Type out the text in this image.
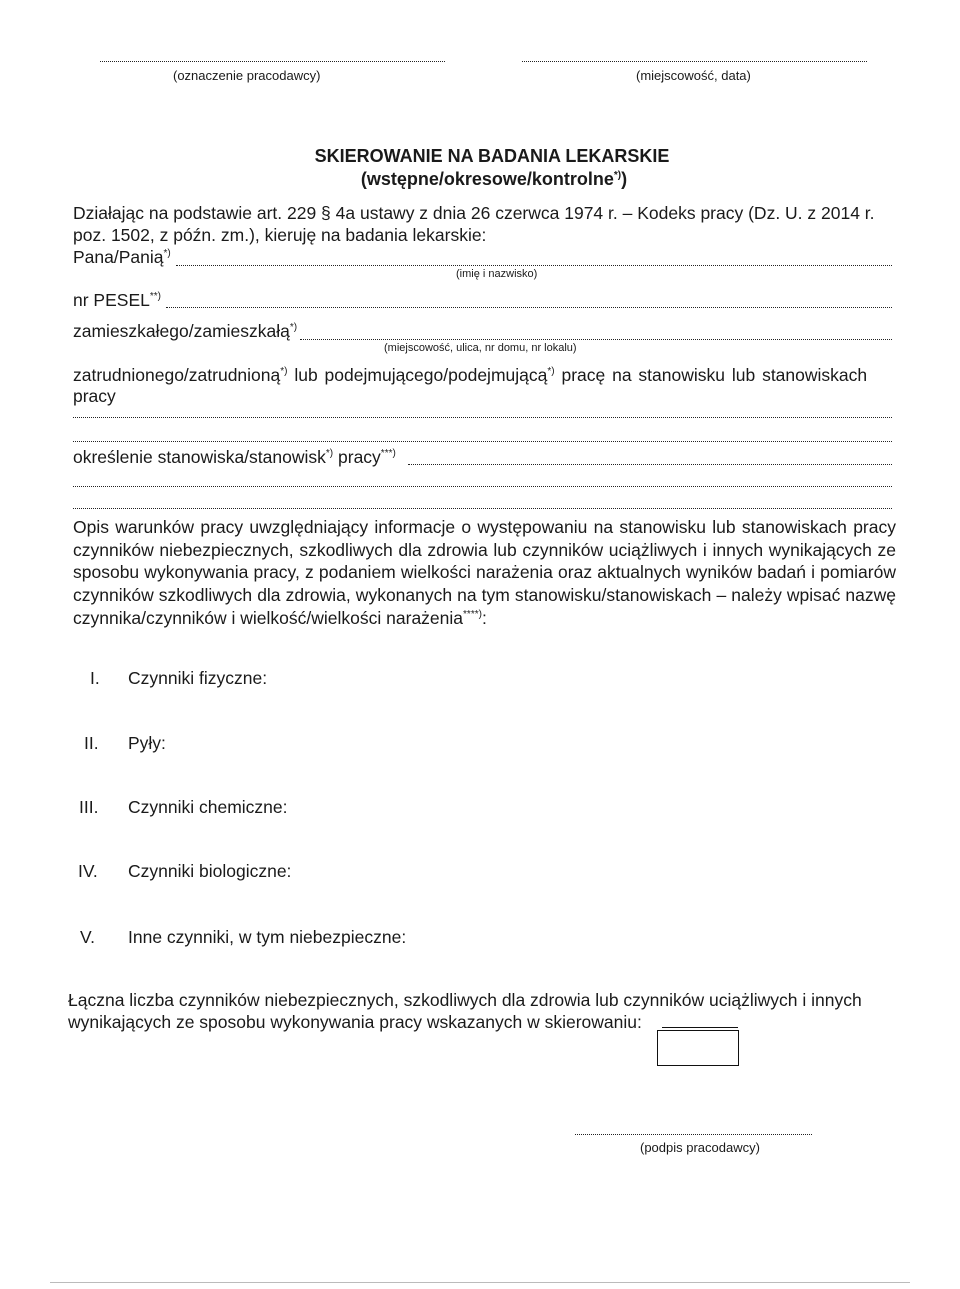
(oznaczenie pracodawcy)	(miejscowość, data)
SKIEROWANIE NA BADANIA LEKARSKIE
(wstępne/okresowe/kontrolne*))
Działając na podstawie art. 229 § 4a ustawy z dnia 26 czerwca 1974 r. – Kodeks pracy (Dz. U. z 2014 r.
poz. 1502, z późn. zm.), kieruję na badania lekarskie:
Pana/Panią*)
(imię i nazwisko)
nr PESEL**)
zamieszkałego/zamieszkałą*)
(miejscowość, ulica, nr domu, nr lokalu)
zatrudnionego/zatrudnioną*) lub podejmującego/podejmującą*) pracę na stanowisku lub stanowiskach
pracy
określenie stanowiska/stanowisk*) pracy***)
Opis warunków pracy uwzględniający informacje o występowaniu na stanowisku lub stanowiskach pracy czynników niebezpiecznych, szkodliwych dla zdrowia lub czynników uciążliwych i innych wynikających ze sposobu wykonywania pracy, z podaniem wielkości narażenia oraz aktualnych wyników badań i pomiarów czynników szkodliwych dla zdrowia, wykonanych na tym stanowisku/stanowiskach – należy wpisać nazwę czynnika/czynników i wielkość/wielkości narażenia****):
I. Czynniki fizyczne:
II. Pyły:
III. Czynniki chemiczne:
IV. Czynniki biologiczne:
V. Inne czynniki, w tym niebezpieczne:
Łączna liczba czynników niebezpiecznych, szkodliwych dla zdrowia lub czynników uciążliwych i innych
wynikających ze sposobu wykonywania pracy wskazanych w skierowaniu:
(podpis pracodawcy)
